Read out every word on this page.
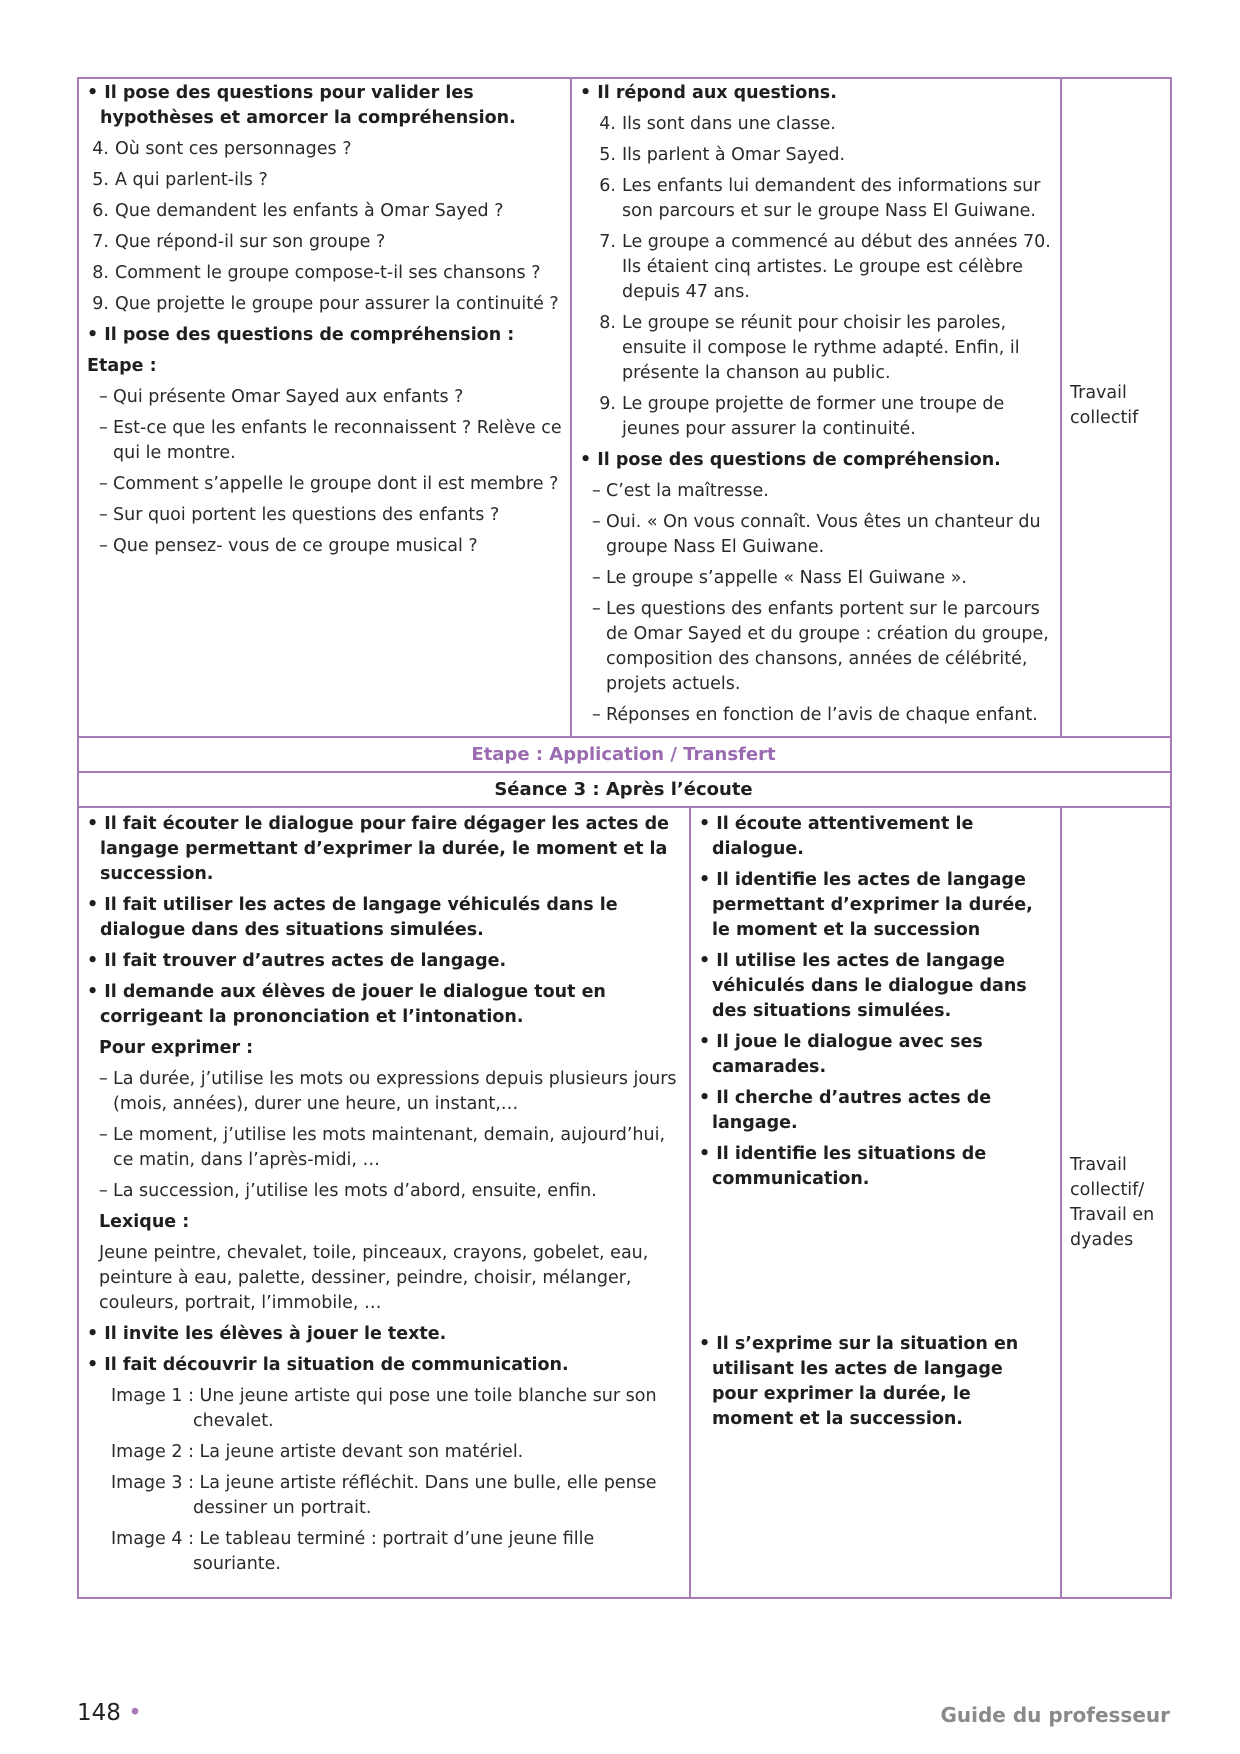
• Il pose des questions pour valider les hypothèses et amorcer la compréhension.
4. Où sont ces personnages ?
5. A qui parlent-ils ?
6. Que demandent les enfants à Omar Sayed ?
7. Que répond-il sur son groupe ?
8. Comment le groupe compose-t-il ses chansons ?
9. Que projette le groupe pour assurer la continuité ?
• Il pose des questions de compréhension :
Etape :
– Qui présente Omar Sayed aux enfants ?
– Est-ce que les enfants le reconnaissent ? Relève ce qui le montre.
– Comment s’appelle le groupe dont il est membre ?
– Sur quoi portent les questions des enfants ?
– Que pensez- vous de ce groupe musical ?
• Il répond aux questions.
4. Ils sont dans une classe.
5. Ils parlent à Omar Sayed.
6. Les enfants lui demandent des informations sur son parcours et sur le groupe Nass El Guiwane.
7. Le groupe a commencé au début des années 70. Ils étaient cinq artistes. Le groupe est célèbre depuis 47 ans.
8. Le groupe se réunit pour choisir les paroles, ensuite il compose le rythme adapté. Enfin, il présente la chanson au public.
9. Le groupe projette de former une troupe de jeunes pour assurer la continuité.
• Il pose des questions de compréhension.
– C’est la maîtresse.
– Oui. « On vous connaît. Vous êtes un chanteur du groupe Nass El Guiwane.
– Le groupe s’appelle « Nass El Guiwane ».
– Les questions des enfants portent sur le parcours de Omar Sayed et du groupe : création du groupe, composition des chansons, années de célébrité, projets actuels.
– Réponses en fonction de l’avis de chaque enfant.
Travail collectif
Etape : Application / Transfert
Séance 3 : Après l’écoute
• Il fait écouter le dialogue pour faire dégager les actes de langage permettant d’exprimer la durée, le moment et la succession.
• Il fait utiliser les actes de langage véhiculés dans le dialogue dans des situations simulées.
• Il fait trouver d’autres actes de langage.
• Il demande aux élèves de jouer le dialogue tout en corrigeant la prononciation et l’intonation.
Pour exprimer :
– La durée, j’utilise les mots ou expressions depuis plusieurs jours (mois, années), durer une heure, un instant,…
– Le moment, j’utilise les mots maintenant, demain, aujourd’hui, ce matin, dans l’après-midi, …
– La succession, j’utilise les mots d’abord, ensuite, enfin.
Lexique :
Jeune peintre, chevalet, toile, pinceaux, crayons, gobelet, eau, peinture à eau, palette, dessiner, peindre, choisir, mélanger, couleurs, portrait, l’immobile, …
• Il invite les élèves à jouer le texte.
• Il fait découvrir la situation de communication.
Image 1 : Une jeune artiste qui pose une toile blanche sur son chevalet.
Image 2 : La jeune artiste devant son matériel.
Image 3 : La jeune artiste réfléchit. Dans une bulle, elle pense dessiner un portrait.
Image 4 : Le tableau terminé : portrait d’une jeune fille souriante.
• Il écoute attentivement le dialogue.
• Il identifie les actes de langage permettant d’exprimer la durée, le moment et la succession
• Il utilise les actes de langage véhiculés dans le dialogue dans des situations simulées.
• Il joue le dialogue avec ses camarades.
• Il cherche d’autres actes de langage.
• Il identifie les situations de communication.
• Il s’exprime sur la situation en utilisant les actes de langage pour exprimer la durée, le moment et la succession.
Travail collectif/ Travail en dyades
148 •	Guide du professeur
